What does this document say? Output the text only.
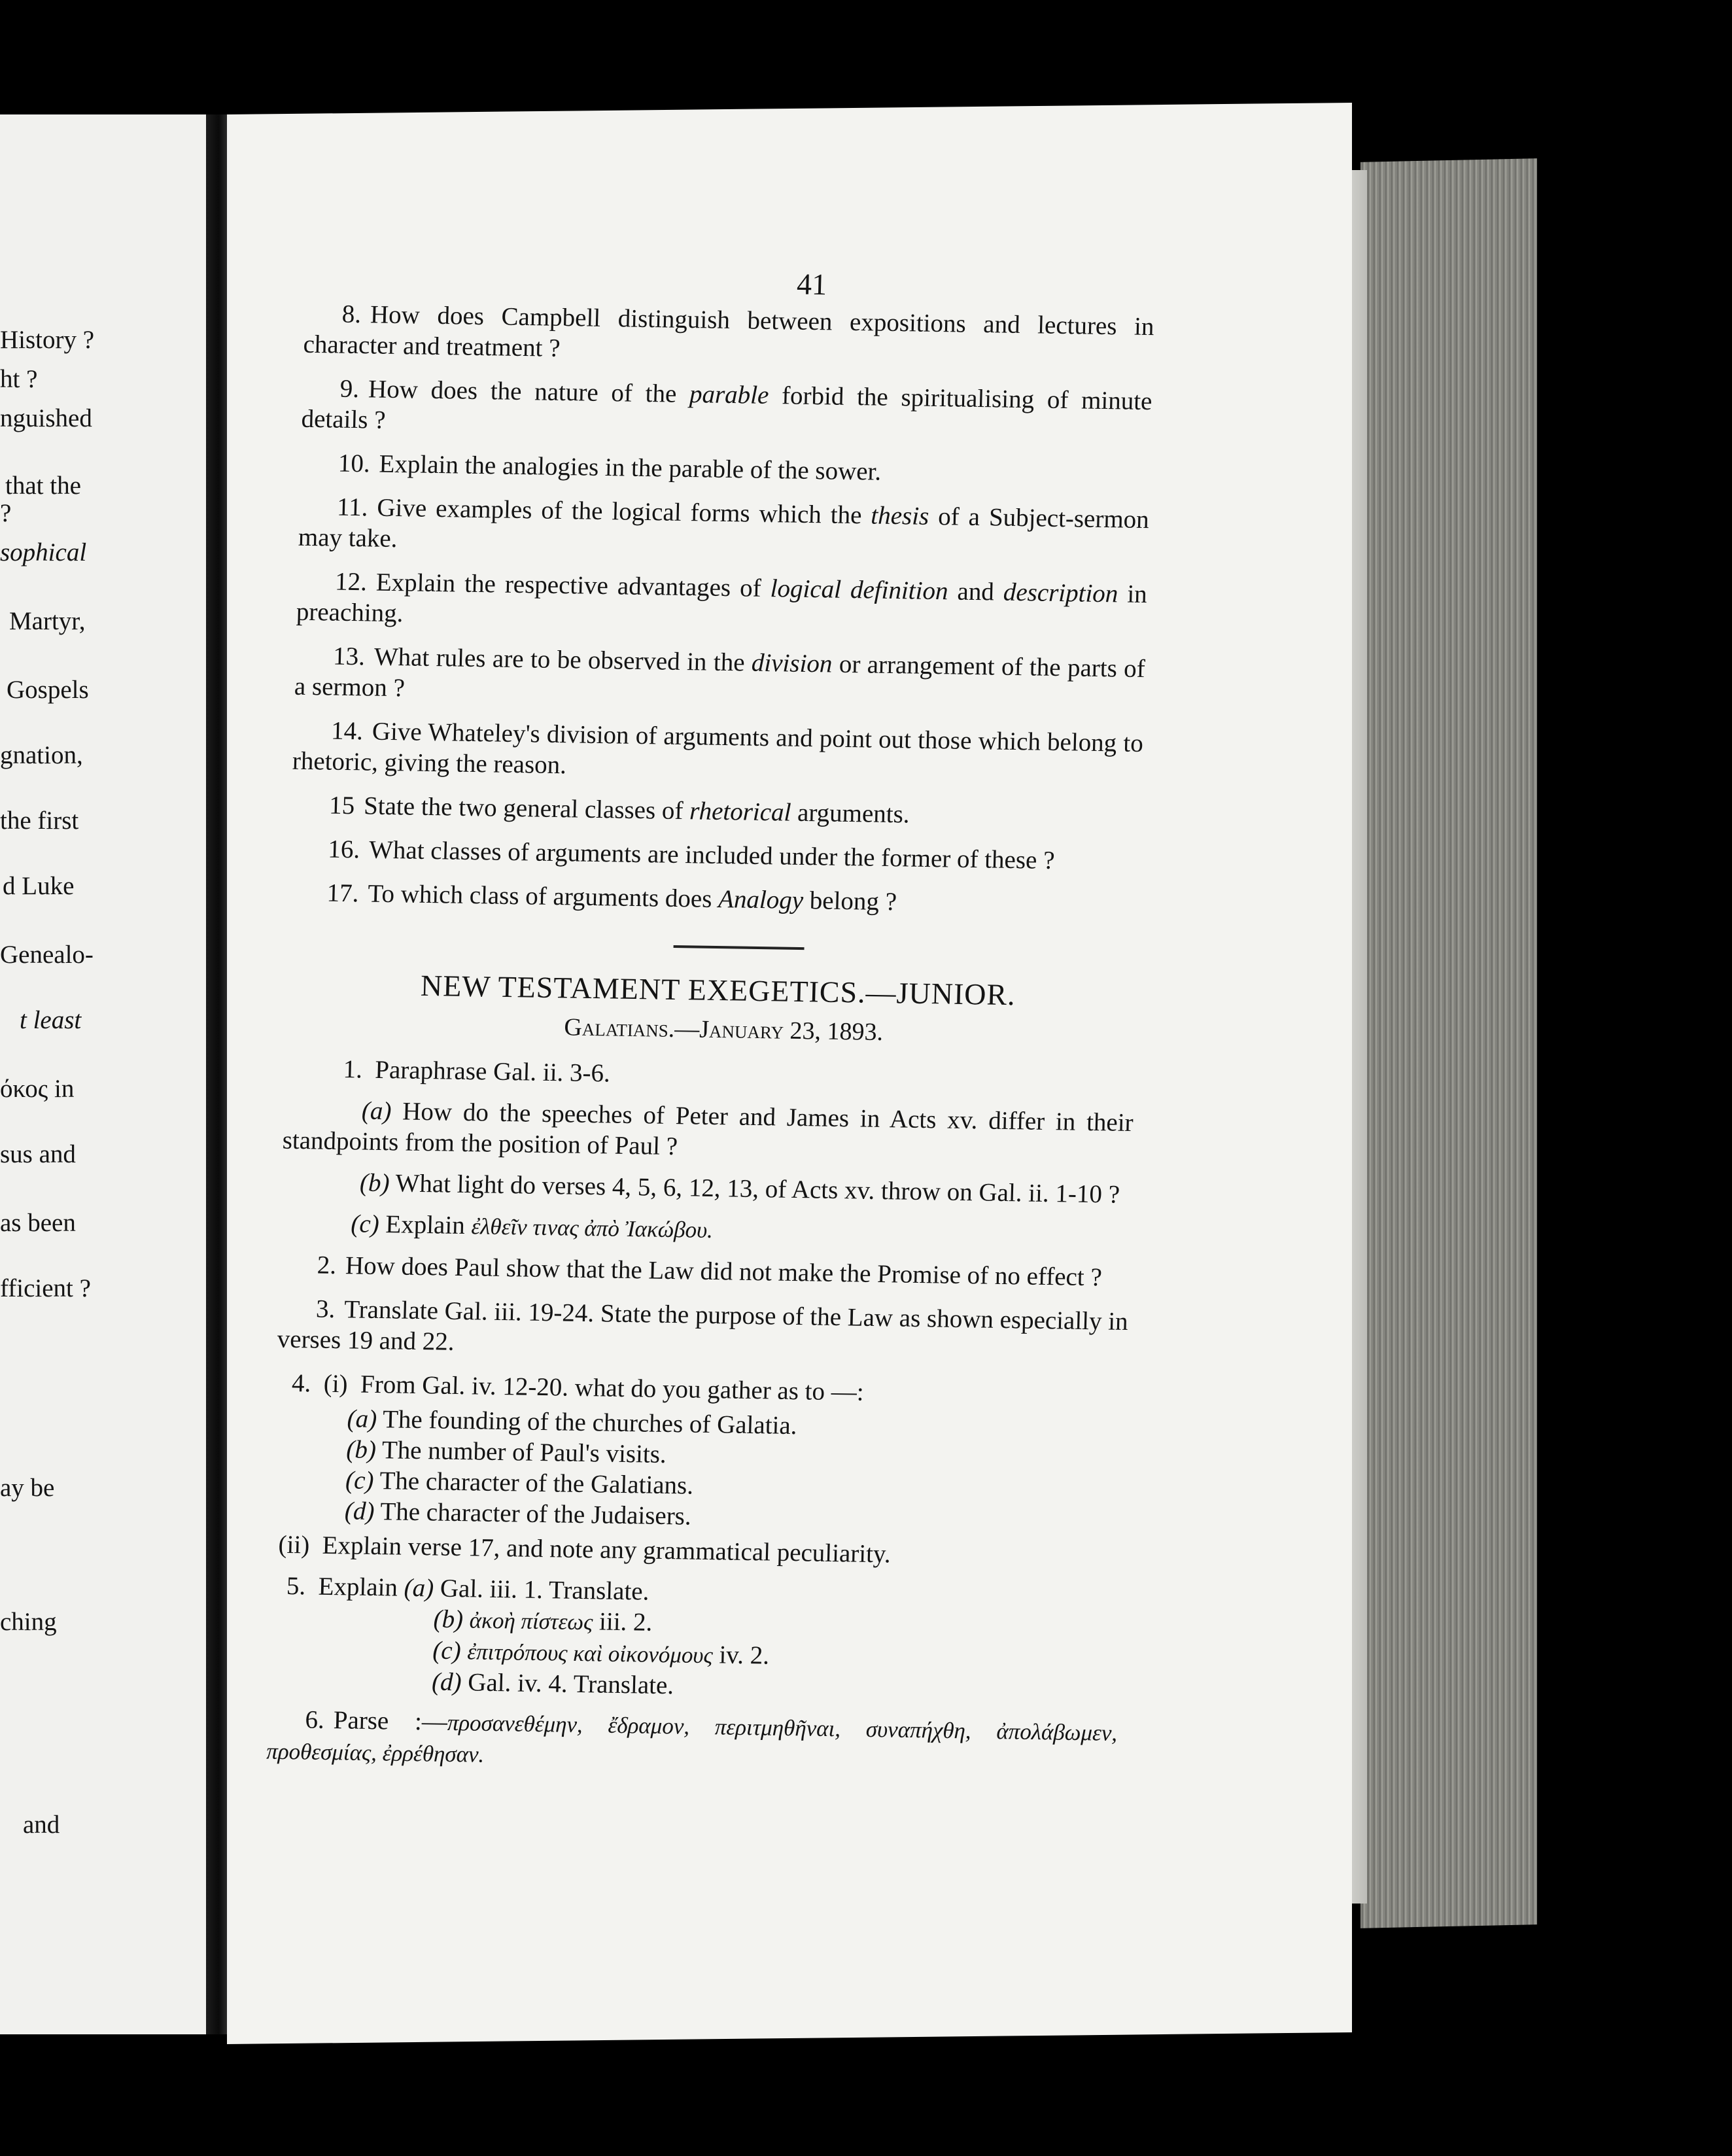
History ?
ht ?
nguished
that the
?
sophical
Martyr,
Gospels
gnation,
the first
d Luke
Genealo-
t least
όκος in
sus and
as been
fficient ?
ay be
ching
and
41

8. How does Campbell distinguish between expositions and lectures in character and treatment ?

9. How does the nature of the parable forbid the spiritualising of minute details ?

10. Explain the analogies in the parable of the sower.

11. Give examples of the logical forms which the thesis of a Subject-sermon may take.

12. Explain the respective advantages of logical definition and description in preaching.

13. What rules are to be observed in the division or arrangement of the parts of a sermon ?

14. Give Whateley's division of arguments and point out those which belong to rhetoric, giving the reason.

15 State the two general classes of rhetorical arguments.

16. What classes of arguments are included under the former of these ?

17. To which class of arguments does Analogy belong ?

NEW TESTAMENT EXEGETICS.—JUNIOR.
Galatians.—January 23, 1893.

1. Paraphrase Gal. ii. 3-6.

(a) How do the speeches of Peter and James in Acts xv. differ in their standpoints from the position of Paul ?

(b) What light do verses 4, 5, 6, 12, 13, of Acts xv. throw on Gal. ii. 1-10 ?

(c) Explain ἐλθεῖν τινας ἀπὸ Ἰακώβου.

2. How does Paul show that the Law did not make the Promise of no effect ?

3. Translate Gal. iii. 19-24. State the purpose of the Law as shown especially in verses 19 and 22.

4. (i) From Gal. iv. 12-20. what do you gather as to —:

(a) The founding of the churches of Galatia.
(b) The number of Paul's visits.
(c) The character of the Galatians.
(d) The character of the Judaisers.

(ii) Explain verse 17, and note any grammatical peculiarity.

5. Explain (a) Gal. iii. 1. Translate.
(b) ἀκοὴ πίστεως iii. 2.
(c) ἐπιτρόπους καὶ οἰκονόμους iv. 2.
(d) Gal. iv. 4. Translate.

6. Parse :—προσανεθέμην, ἔδραμον, περιτμηθῆναι, συναπήχθη, ἀπολάβωμεν, προθεσμίας, ἐρρέθησαν.
